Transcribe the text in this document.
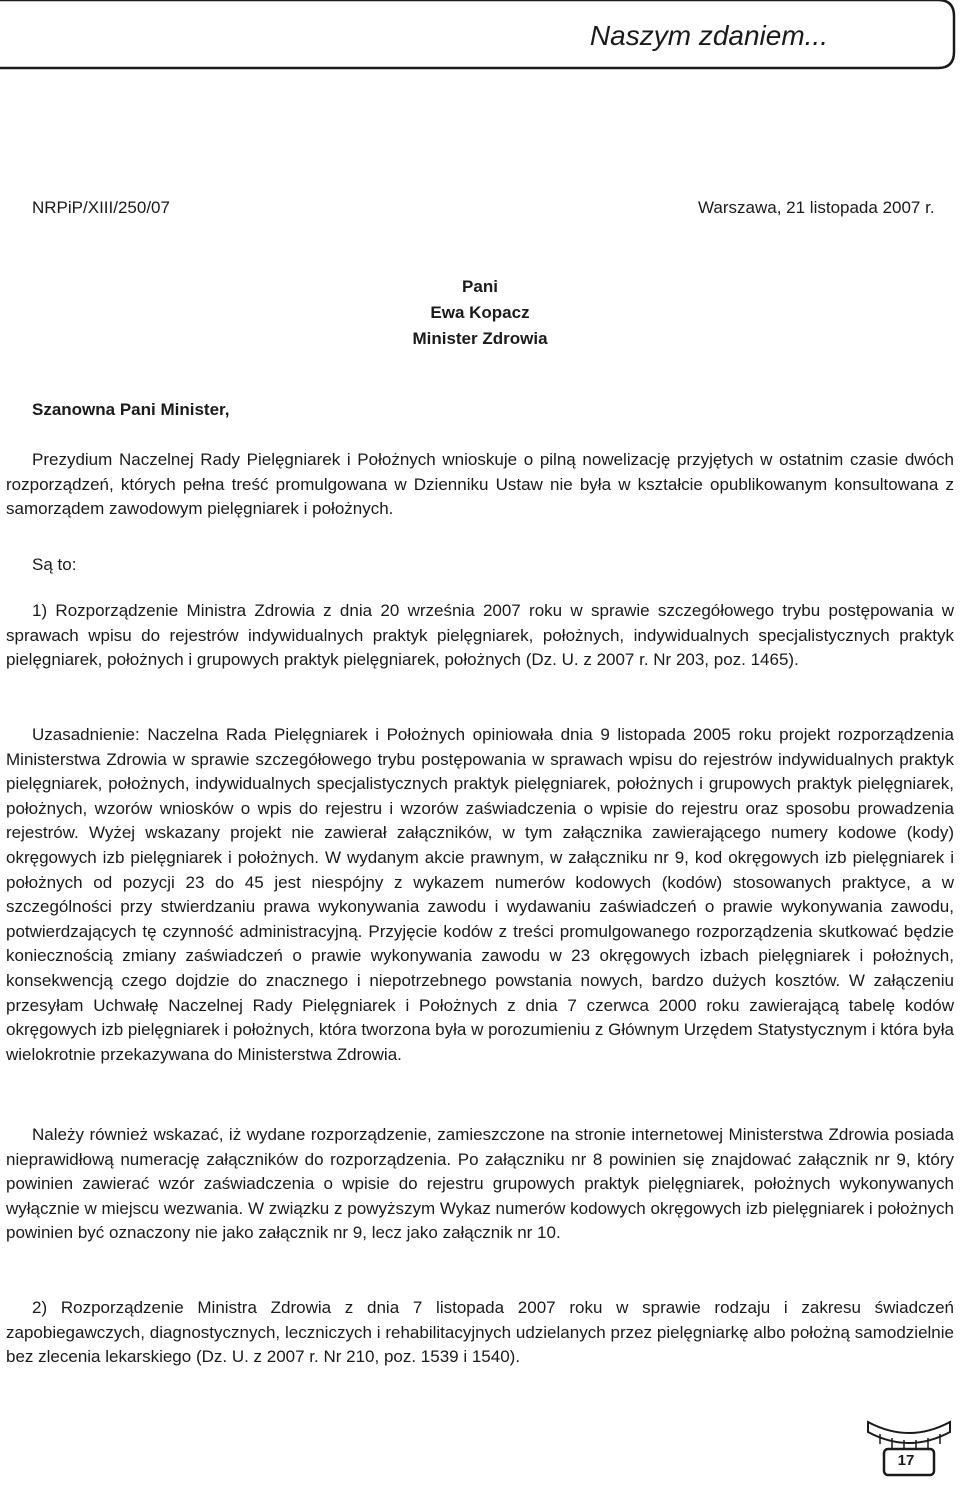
Naszym zdaniem...
NRPiP/XIII/250/07	Warszawa, 21 listopada 2007 r.
Pani
Ewa Kopacz
Minister Zdrowia
Szanowna Pani Minister,

Prezydium Naczelnej Rady Pielęgniarek i Położnych wnioskuje o pilną nowelizację przyjętych w ostatnim czasie dwóch rozporządzeń, których pełna treść promulgowana w Dzienniku Ustaw nie była w kształcie opublikowanym konsultowana z samorządem zawodowym pielęgniarek i położnych.

Są to:

1) Rozporządzenie Ministra Zdrowia z dnia 20 września 2007 roku w sprawie szczegółowego trybu postępowania w sprawach wpisu do rejestrów indywidualnych praktyk pielęgniarek, położnych, indywidualnych specjalistycznych praktyk pielęgniarek, położnych i grupowych praktyk pielęgniarek, położnych (Dz. U. z 2007 r. Nr 203, poz. 1465).

Uzasadnienie: Naczelna Rada Pielęgniarek i Położnych opiniowała dnia 9 listopada 2005 roku projekt rozporządzenia Ministerstwa Zdrowia w sprawie szczegółowego trybu postępowania w sprawach wpisu do rejestrów indywidualnych praktyk pielęgniarek, położnych, indywidualnych specjalistycznych praktyk pielęgniarek, położnych i grupowych praktyk pielęgniarek, położnych, wzorów wniosków o wpis do rejestru i wzorów zaświadczenia o wpisie do rejestru oraz sposobu prowadzenia rejestrów. Wyżej wskazany projekt nie zawierał załączników, w tym załącznika zawierającego numery kodowe (kody) okręgowych izb pielęgniarek i położnych. W wydanym akcie prawnym, w załączniku nr 9, kod okręgowych izb pielęgniarek i położnych od pozycji 23 do 45 jest niespójny z wykazem numerów kodowych (kodów) stosowanych praktyce, a w szczególności przy stwierdzaniu prawa wykonywania zawodu i wydawaniu zaświadczeń o prawie wykonywania zawodu, potwierdzających tę czynność administracyjną. Przyjęcie kodów z treści promulgowanego rozporządzenia skutkować będzie koniecznością zmiany zaświadczeń o prawie wykonywania zawodu w 23 okręgowych izbach pielęgniarek i położnych, konsekwencją czego dojdzie do znacznego i niepotrzebnego powstania nowych, bardzo dużych kosztów. W załączeniu przesyłam Uchwałę Naczelnej Rady Pielęgniarek i Położnych z dnia 7 czerwca 2000 roku zawierającą tabelę kodów okręgowych izb pielęgniarek i położnych, która tworzona była w porozumieniu z Głównym Urzędem Statystycznym i która była wielokrotnie przekazywana do Ministerstwa Zdrowia.

Należy również wskazać, iż wydane rozporządzenie, zamieszczone na stronie internetowej Ministerstwa Zdrowia posiada nieprawidłową numerację załączników do rozporządzenia. Po załączniku nr 8 powinien się znajdować załącznik nr 9, który powinien zawierać wzór zaświadczenia o wpisie do rejestru grupowych praktyk pielęgniarek, położnych wykonywanych wyłącznie w miejscu wezwania. W związku z powyższym Wykaz numerów kodowych okręgowych izb pielęgniarek i położnych powinien być oznaczony nie jako załącznik nr 9, lecz jako załącznik nr 10.

2) Rozporządzenie Ministra Zdrowia z dnia 7 listopada 2007 roku w sprawie rodzaju i zakresu świadczeń zapobiegawczych, diagnostycznych, leczniczych i rehabilitacyjnych udzielanych przez pielęgniarkę albo położną samodzielnie bez zlecenia lekarskiego (Dz. U. z 2007 r. Nr 210, poz. 1539 i 1540).

17
